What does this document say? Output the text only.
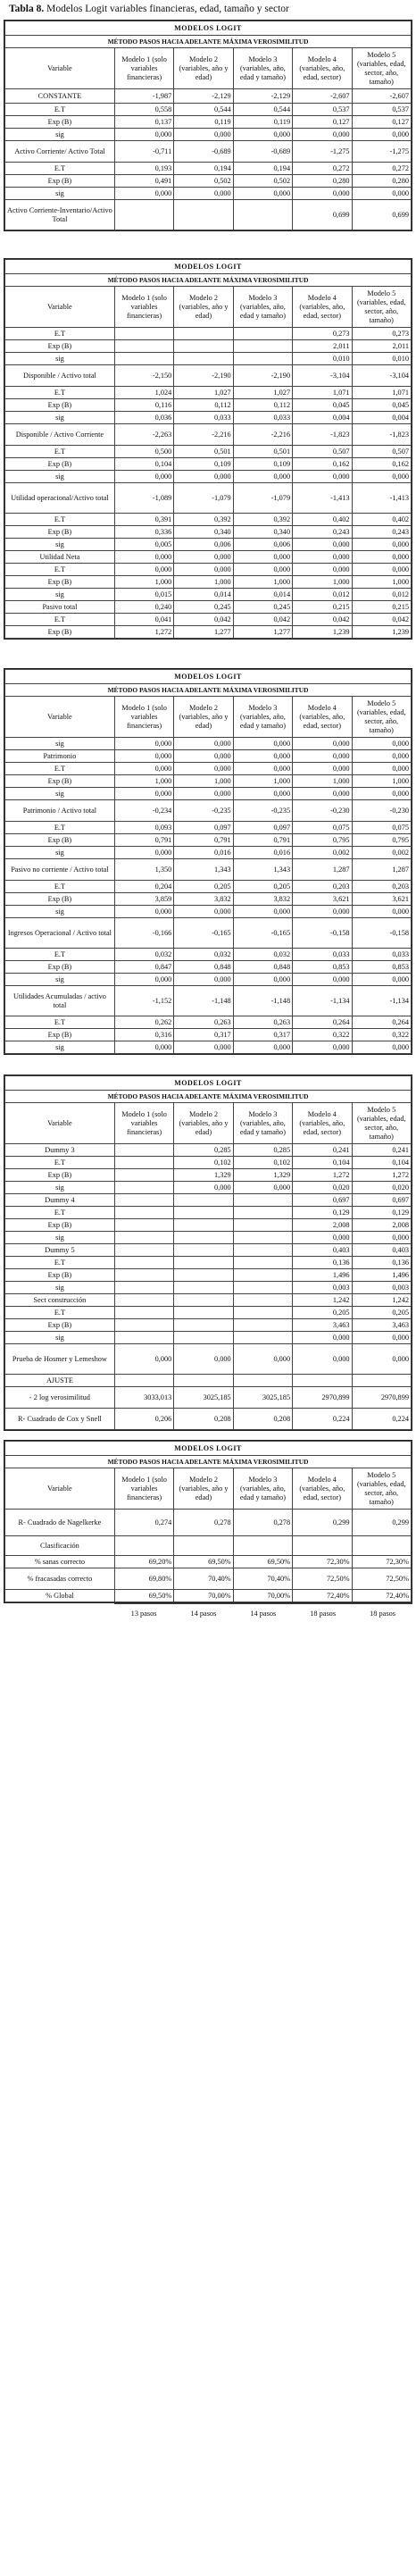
Tabla 8. Modelos Logit variables financieras, edad, tamaño y sector
MODELOS LOGIT					
MÉTODO PASOS HACIA ADELANTE MÁXIMA VEROSIMILITUD					
Variable	Modelo 1 (solo variables financieras)	Modelo 2 (variables, año y edad)	Modelo 3 (variables, año, edad y tamaño)	Modelo 4 (variables, año, edad, sector)	Modelo 5 (variables, edad, sector, año, tamaño)
CONSTANTE	-1,987	-2,129	-2,129	-2,607	-2,607
E.T	0,558	0,544	0,544	0,537	0,537
Exp (B)	0,137	0,119	0,119	0,127	0,127
sig	0,000	0,000	0,000	0,000	0,000
Activo Corriente/ Activo Total	-0,711	-0,689	-0,689	-1,275	-1,275
E.T	0,193	0,194	0,194	0,272	0,272
Exp (B)	0,491	0,502	0,502	0,280	0,280
sig	0,000	0,000	0,000	0,000	0,000
Activo Corriente-Inventario/Activo Total				0,699	0,699
MODELOS LOGIT					
MÉTODO PASOS HACIA ADELANTE MÁXIMA VEROSIMILITUD					
Variable	Modelo 1 (solo variables financieras)	Modelo 2 (variables, año y edad)	Modelo 3 (variables, año, edad y tamaño)	Modelo 4 (variables, año, edad, sector)	Modelo 5 (variables, edad, sector, año, tamaño)
E.T				0,273	0,273
Exp (B)				2,011	2,011
sig				0,010	0,010
Disponible / Activo total	-2,150	-2,190	-2,190	-3,104	-3,104
E.T	1,024	1,027	1,027	1,071	1,071
Exp (B)	0,116	0,112	0,112	0,045	0,045
sig	0,036	0,033	0,033	0,004	0,004
Disponible / Activo Corriente	-2,263	-2,216	-2,216	-1,823	-1,823
E.T	0,500	0,501	0,501	0,507	0,507
Exp (B)	0,104	0,109	0,109	0,162	0,162
sig	0,000	0,000	0,000	0,000	0,000
Utilidad operacional/Activo total	-1,089	-1,079	-1,079	-1,413	-1,413
E.T	0,391	0,392	0,392	0,402	0,402
Exp (B)	0,336	0,340	0,340	0,243	0,243
sig	0,005	0,006	0,006	0,000	0,000
Utilidad Neta	0,000	0,000	0,000	0,000	0,000
E.T	0,000	0,000	0,000	0,000	0,000
Exp (B)	1,000	1,000	1,000	1,000	1,000
sig	0,015	0,014	0,014	0,012	0,012
Pasivo total	0,240	0,245	0,245	0,215	0,215
E.T	0,041	0,042	0,042	0,042	0,042
Exp (B)	1,272	1,277	1,277	1,239	1,239
MODELOS LOGIT					
MÉTODO PASOS HACIA ADELANTE MÁXIMA VEROSIMILITUD					
Variable	Modelo 1 (solo variables financieras)	Modelo 2 (variables, año y edad)	Modelo 3 (variables, año, edad y tamaño)	Modelo 4 (variables, año, edad, sector)	Modelo 5 (variables, edad, sector, año, tamaño)
sig	0,000	0,000	0,000	0,000	0,000
Patrimonio	0,000	0,000	0,000	0,000	0,000
E.T	0,000	0,000	0,000	0,000	0,000
Exp (B)	1,000	1,000	1,000	1,000	1,000
sig	0,000	0,000	0,000	0,000	0,000
Patrimonio / Activo total	-0,234	-0,235	-0,235	-0,230	-0,230
E.T	0,093	0,097	0,097	0,075	0,075
Exp (B)	0,791	0,791	0,791	0,795	0,795
sig	0,000	0,016	0,016	0,002	0,002
Pasivo no corriente / Activo total	1,350	1,343	1,343	1,287	1,287
E.T	0,204	0,205	0,205	0,203	0,203
Exp (B)	3,859	3,832	3,832	3,621	3,621
sig	0,000	0,000	0,000	0,000	0,000
Ingresos Operacional / Activo total	-0,166	-0,165	-0,165	-0,158	-0,158
E.T	0,032	0,032	0,032	0,033	0,033
Exp (B)	0,847	0,848	0,848	0,853	0,853
sig	0,000	0,000	0,000	0,000	0,000
Utilidades Acumuladas / activo total	-1,152	-1,148	-1,148	-1,134	-1,134
E.T	0,262	0,263	0,263	0,264	0,264
Exp (B)	0,316	0,317	0,317	0,322	0,322
sig	0,000	0,000	0,000	0,000	0,000
MODELOS LOGIT					
MÉTODO PASOS HACIA ADELANTE MÁXIMA VEROSIMILITUD					
Variable	Modelo 1 (solo variables financieras)	Modelo 2 (variables, año y edad)	Modelo 3 (variables, año, edad y tamaño)	Modelo 4 (variables, año, edad, sector)	Modelo 5 (variables, edad, sector, año, tamaño)
Dummy 3		0,285	0,285	0,241	0,241
E.T		0,102	0,102	0,104	0,104
Exp (B)		1,329	1,329	1,272	1,272
sig		0,000	0,000	0,020	0,020
Dummy 4				0,697	0,697
E.T				0,129	0,129
Exp (B)				2,008	2,008
sig				0,000	0,000
Dummy 5				0,403	0,403
E.T				0,136	0,136
Exp (B)				1,496	1,496
sig				0,003	0,003
Sect construcción				1,242	1,242
E.T				0,205	0,205
Exp (B)				3,463	3,463
sig				0,000	0,000
Prueba de Hosmer y Lemeshow	0,000	0,000	0,000	0,000	0,000
AJUSTE					
- 2 log verosimilitud	3033,013	3025,185	3025,185	2970,899	2970,899
R- Cuadrado de Cox y Snell	0,206	0,208	0,208	0,224	0,224
MODELOS LOGIT					
MÉTODO PASOS HACIA ADELANTE MÁXIMA VEROSIMILITUD					
Variable	Modelo 1 (solo variables financieras)	Modelo 2 (variables, año y edad)	Modelo 3 (variables, año, edad y tamaño)	Modelo 4 (variables, año, edad, sector)	Modelo 5 (variables, edad, sector, año, tamaño)
R- Cuadrado de Nagelkerke	0,274	0,278	0,278	0,299	0,299
Clasificación					
% sanas correcto	69,20%	69,50%	69,50%	72,30%	72,30%
% fracasadas correcto	69,80%	70,40%	70,40%	72,50%	72,50%
% Global	69,50%	70,00%	70,00%	72,40%	72,40%
	13 pasos	14 pasos	14 pasos	18 pasos	18 pasos
